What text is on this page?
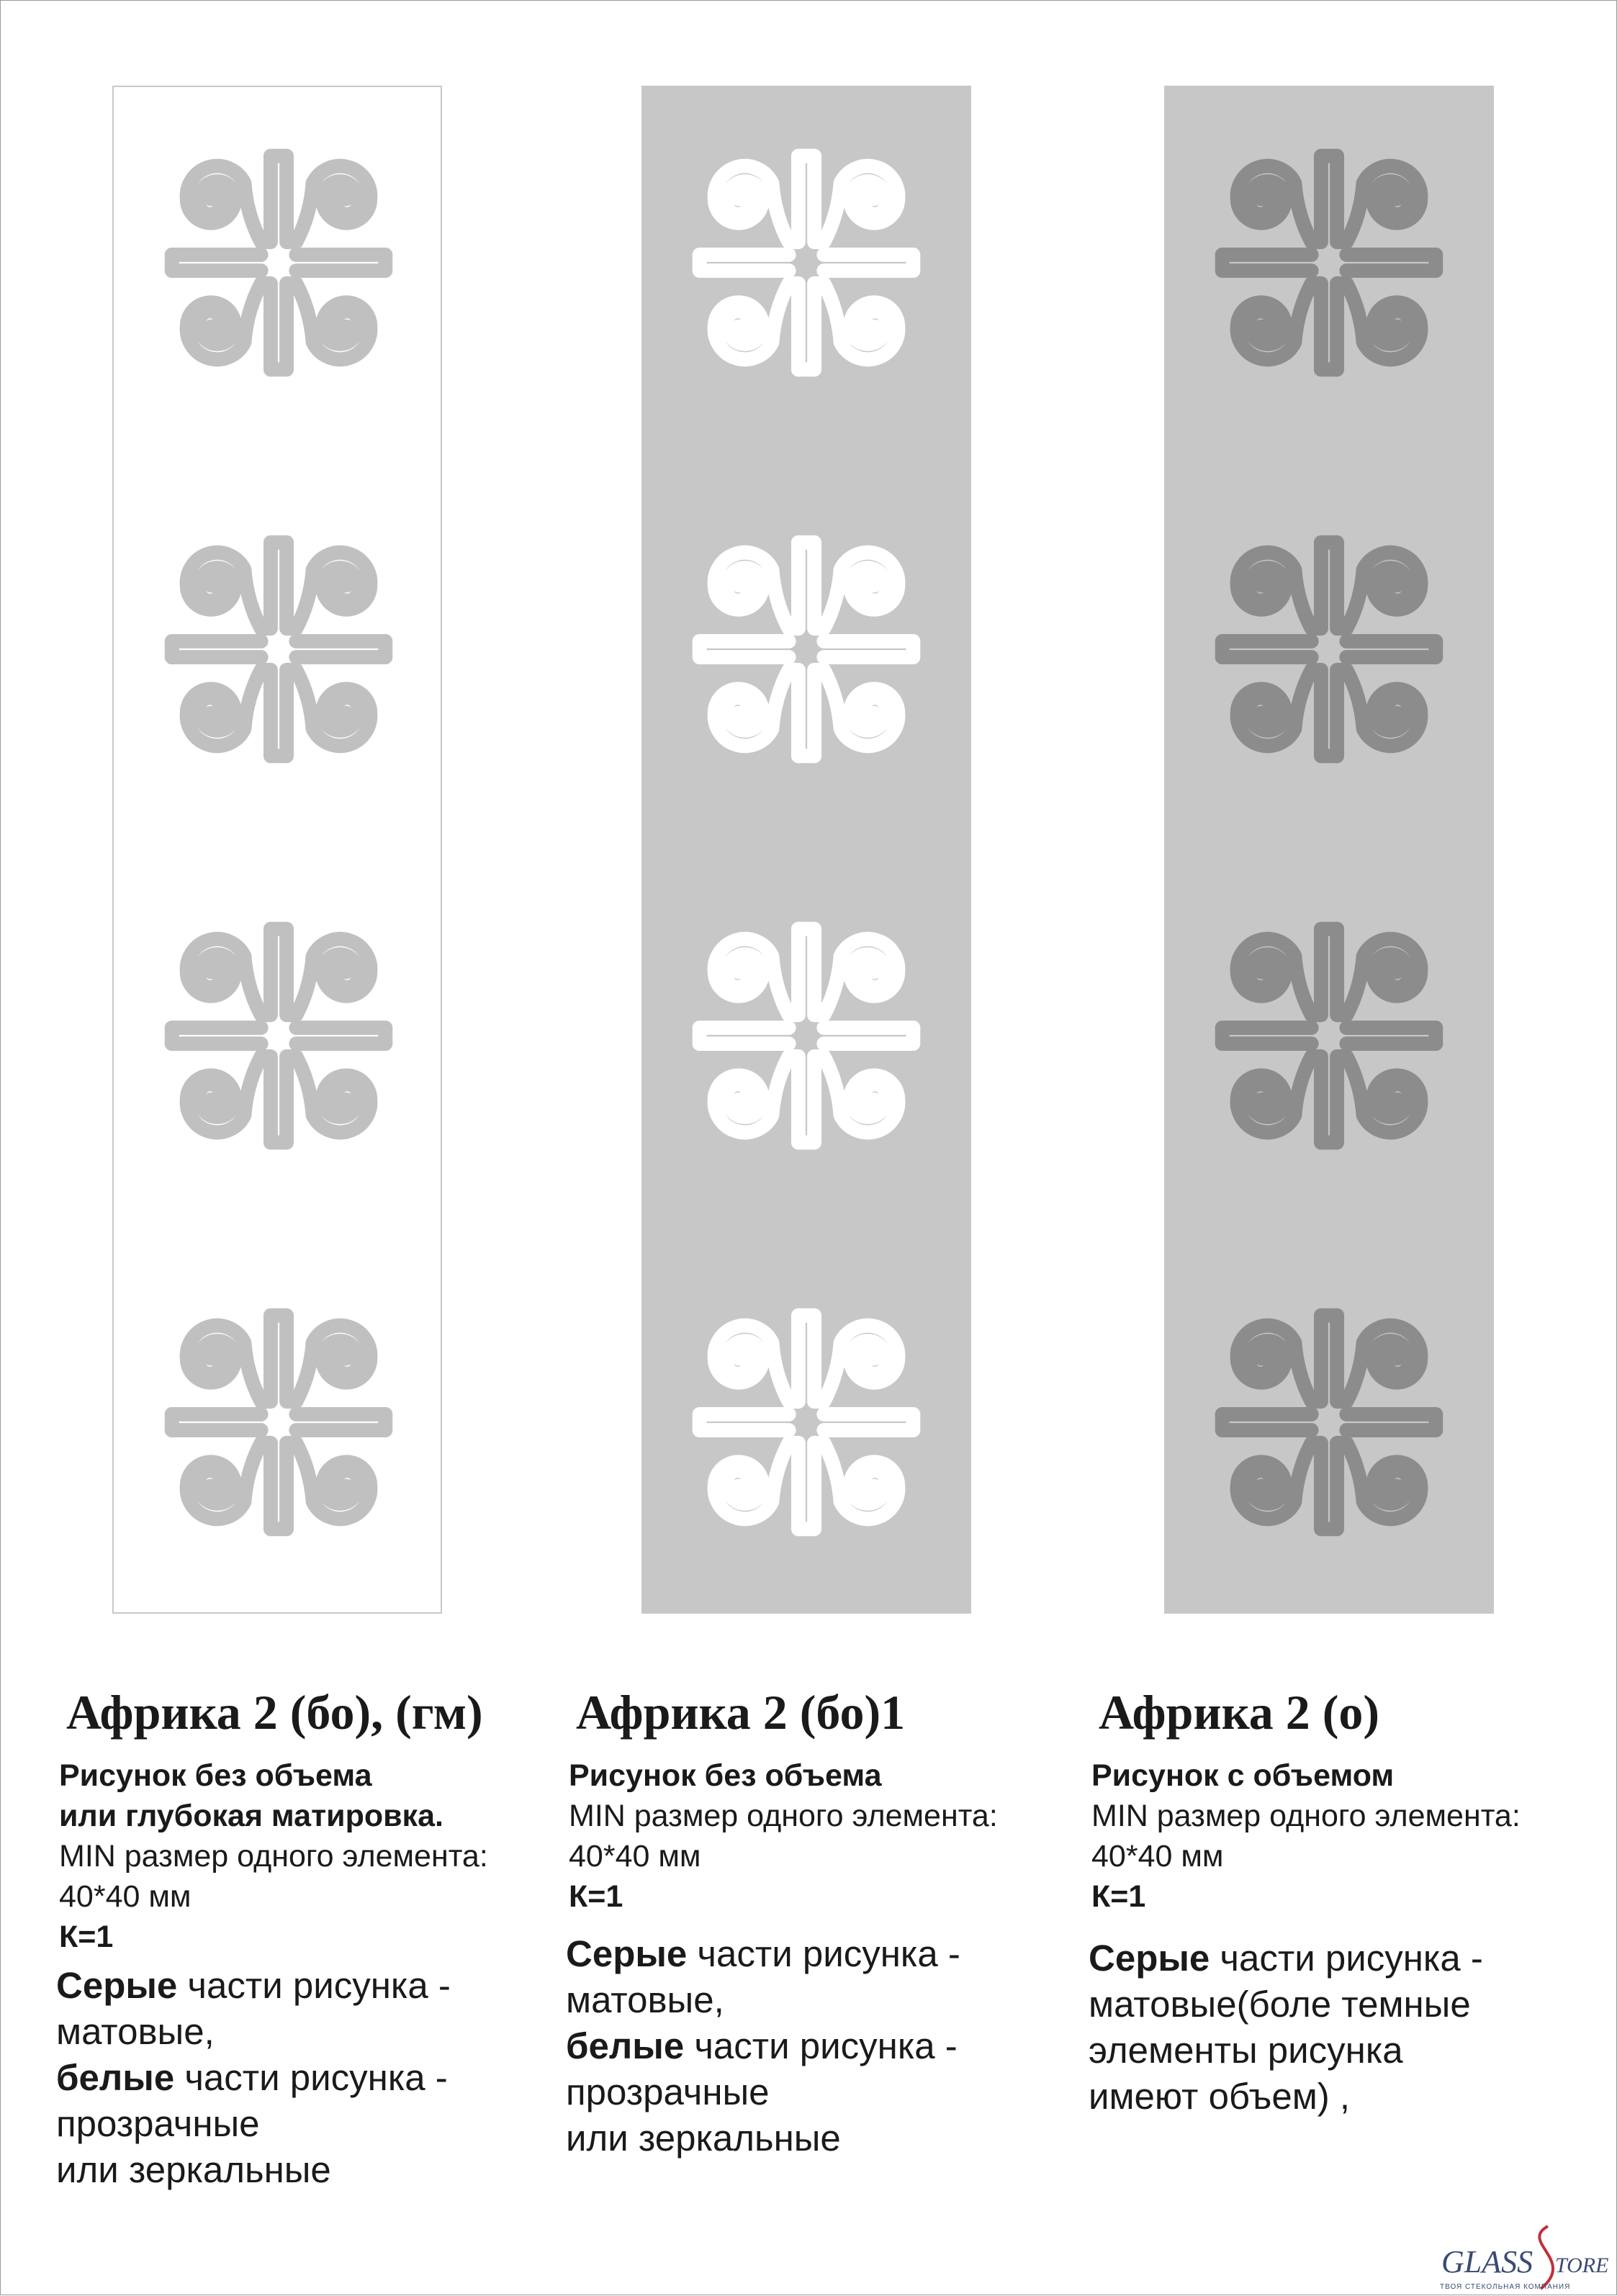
Африка 2 (бо), (гм)
Рисунок без объема
или глубокая матировка.
MIN размер одного элемента:
40*40 мм
К=1
Серые части рисунка -
матовые,
белые части рисунка -
прозрачные
или зеркальные
Африка 2 (бо)1
Рисунок без объема
MIN размер одного элемента:
40*40 мм
К=1
Серые части рисунка -
матовые,
белые части рисунка -
прозрачные
или зеркальные
Африка 2 (о)
Рисунок с объемом
MIN размер одного элемента:
40*40 мм
К=1
Серые части рисунка -
матовые(боле темные
элементы рисунка
имеют объем) ,
GLASS TORE
ТВОЯ СТЕКОЛЬНАЯ КОМПАНИЯ
